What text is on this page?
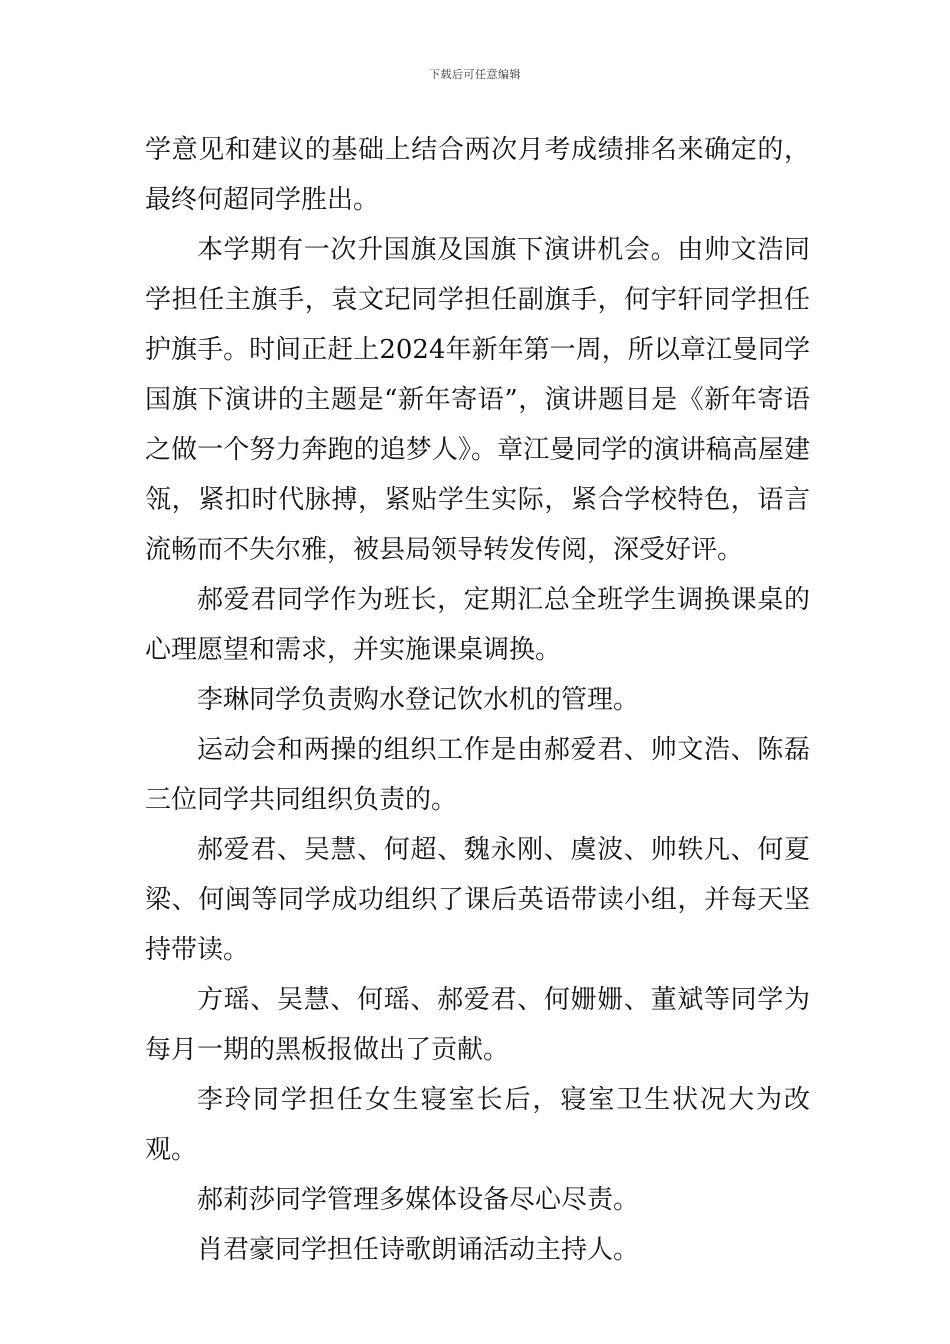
下载后可任意编辑

学意见和建议的基础上结合两次月考成绩排名来确定的，最终何超同学胜出。

本学期有一次升国旗及国旗下演讲机会。由帅文浩同学担任主旗手，袁文玘同学担任副旗手，何宇轩同学担任护旗手。时间正赶上2024年新年第一周，所以章江曼同学国旗下演讲的主题是“新年寄语”，演讲题目是《新年寄语之做一个努力奔跑的追梦人》。章江曼同学的演讲稿高屋建瓴，紧扣时代脉搏，紧贴学生实际，紧合学校特色，语言流畅而不失尔雅，被县局领导转发传阅，深受好评。

郝爱君同学作为班长，定期汇总全班学生调换课桌的心理愿望和需求，并实施课桌调换。

李琳同学负责购水登记饮水机的管理。

运动会和两操的组织工作是由郝爱君、帅文浩、陈磊三位同学共同组织负责的。

郝爱君、吴慧、何超、魏永刚、虞波、帅轶凡、何夏梁、何闽等同学成功组织了课后英语带读小组，并每天坚持带读。

方瑶、吴慧、何瑶、郝爱君、何姗姗、董斌等同学为每月一期的黑板报做出了贡献。

李玲同学担任女生寝室长后，寝室卫生状况大为改观。

郝莉莎同学管理多媒体设备尽心尽责。

肖君豪同学担任诗歌朗诵活动主持人。
